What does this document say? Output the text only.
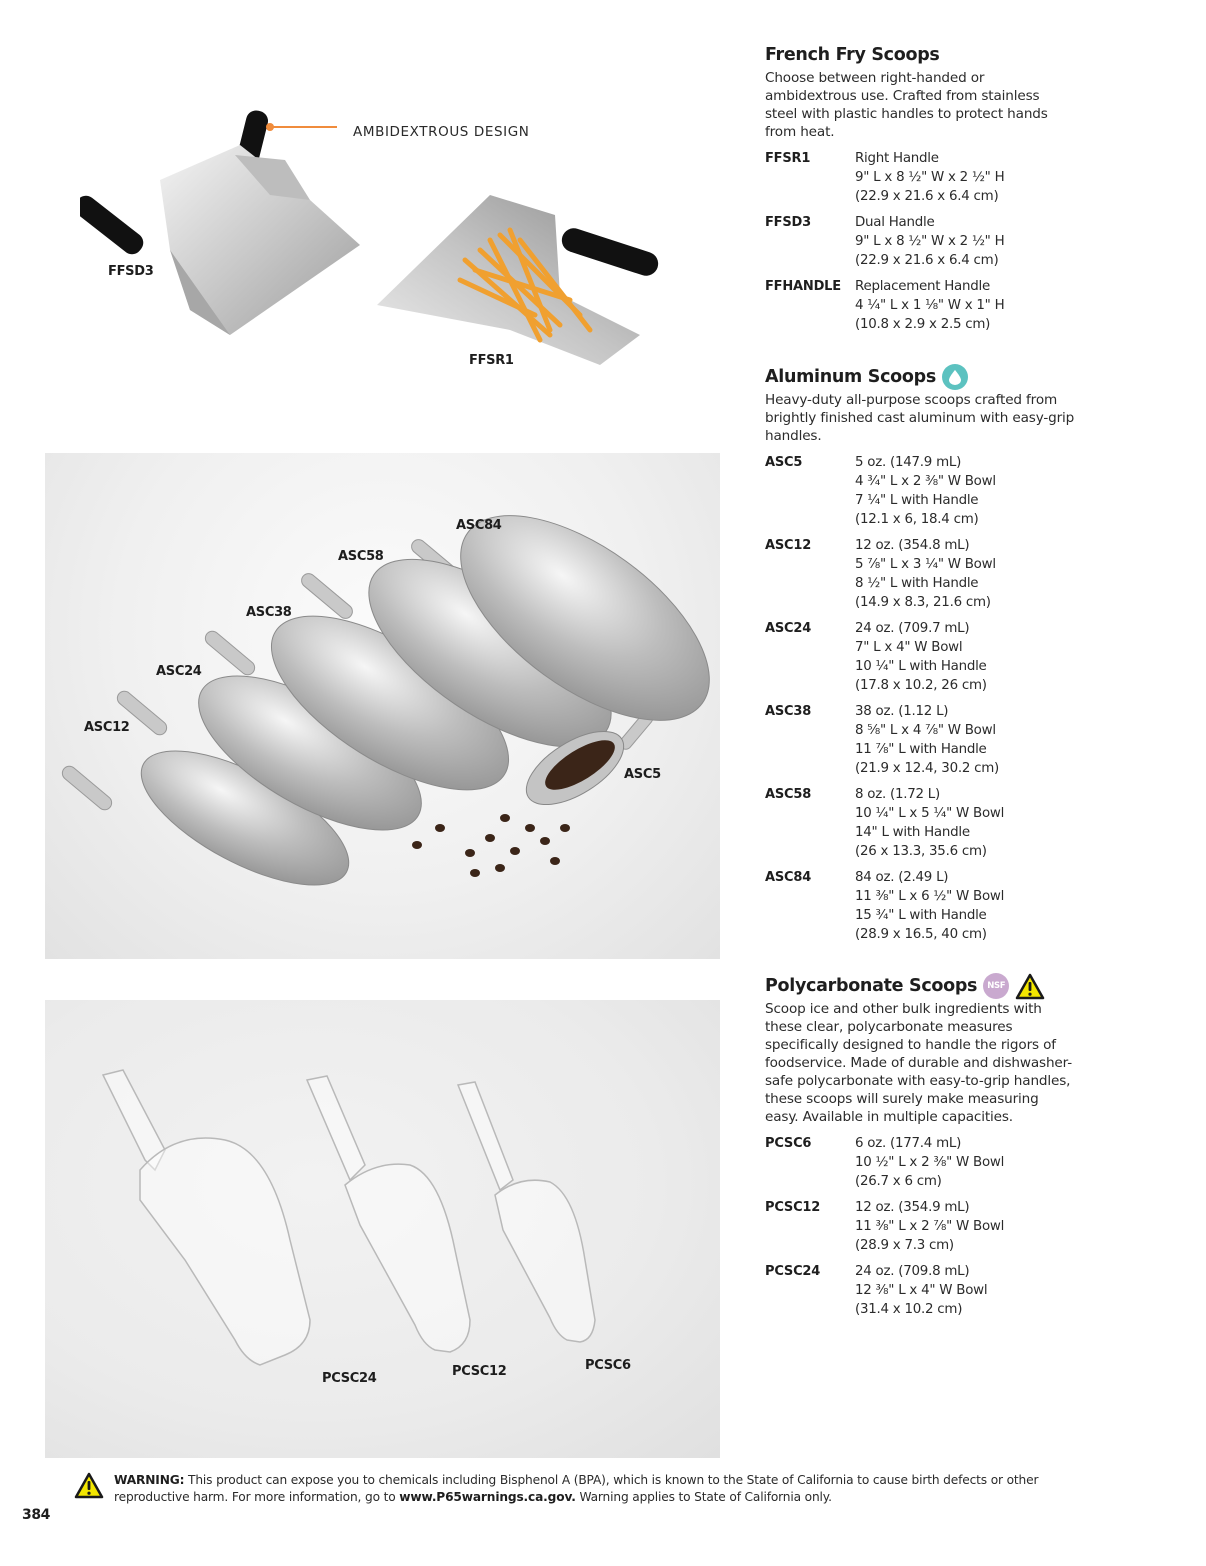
AMBIDEXTROUS DESIGN
FFSD3
FFSR1
ASC84
ASC58
ASC38
ASC24
ASC12
ASC5
PCSC24	PCSC12	PCSC6
French Fry Scoops

Choose between right-handed or ambidextrous use. Crafted from stainless steel with plastic handles to protect hands from heat.

FFSR1	Right Handle
9" L x 8 ½" W x 2 ½" H
(22.9 x 21.6 x 6.4 cm)
FFSD3	Dual Handle
9" L x 8 ½" W x 2 ½" H
(22.9 x 21.6 x 6.4 cm)
FFHANDLE	Replacement Handle
4 ¼" L x 1 ⅛" W x 1" H
(10.8 x 2.9 x 2.5 cm)
Aluminum Scoops

Heavy-duty all-purpose scoops crafted from brightly finished cast aluminum with easy-grip handles.

ASC5	5 oz. (147.9 mL)
4 ¾" L x 2 ⅜" W Bowl
7 ¼" L with Handle
(12.1 x 6, 18.4 cm)
ASC12	12 oz. (354.8 mL)
5 ⅞" L x 3 ¼" W Bowl
8 ½" L with Handle
(14.9 x 8.3, 21.6 cm)
ASC24	24 oz. (709.7 mL)
7" L x 4" W Bowl
10 ¼" L with Handle
(17.8 x 10.2, 26 cm)
ASC38	38 oz. (1.12 L)
8 ⅝" L x 4 ⅞" W Bowl
11 ⅞" L with Handle
(21.9 x 12.4, 30.2 cm)
ASC58	8 oz. (1.72 L)
10 ¼" L x 5 ¼" W Bowl
14" L with Handle
(26 x 13.3, 35.6 cm)
ASC84	84 oz. (2.49 L)
11 ⅜" L x 6 ½" W Bowl
15 ¾" L with Handle
(28.9 x 16.5, 40 cm)
Polycarbonate Scoops	NSF

Scoop ice and other bulk ingredients with these clear, polycarbonate measures specifically designed to handle the rigors of foodservice. Made of durable and dishwasher-safe polycarbonate with easy-to-grip handles, these scoops will surely make measuring easy. Available in multiple capacities.

PCSC6	6 oz. (177.4 mL)
10 ½" L x 2 ⅜" W Bowl
(26.7 x 6 cm)
PCSC12	12 oz. (354.9 mL)
11 ⅜" L x 2 ⅞" W Bowl
(28.9 x 7.3 cm)
PCSC24	24 oz. (709.8 mL)
12 ⅜" L x 4" W Bowl
(31.4 x 10.2 cm)

WARNING: This product can expose you to chemicals including Bisphenol A (BPA), which is known to the State of California to cause birth defects or other reproductive harm. For more information, go to www.P65warnings.ca.gov. Warning applies to State of California only.

384
